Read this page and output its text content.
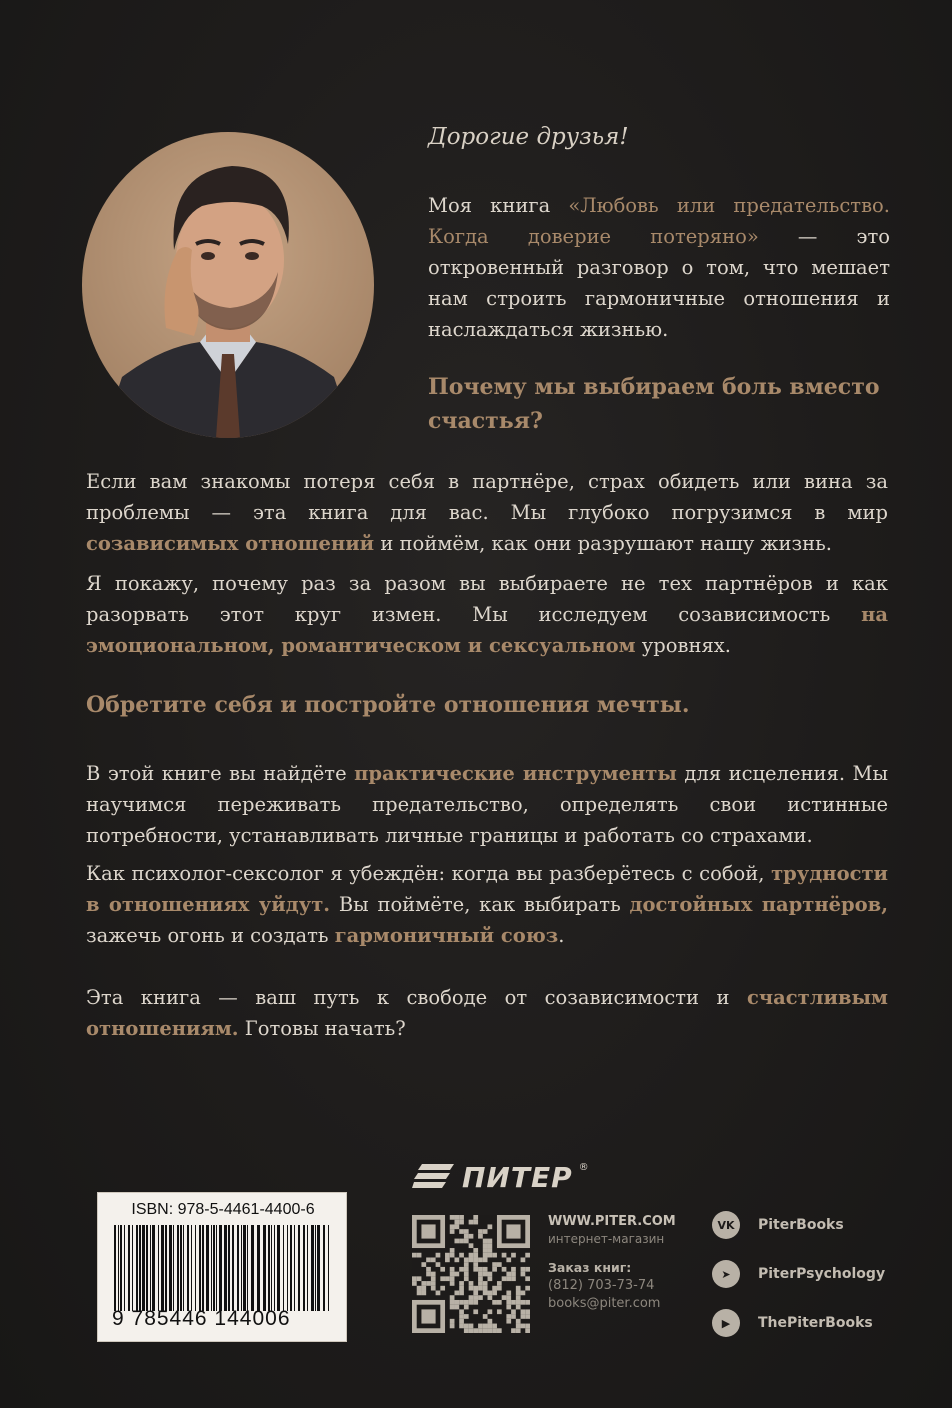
Дорогие друзья!

Моя книга «Любовь или предательство. Когда доверие потеряно» — это откровенный разговор о том, что мешает нам строить гармоничные отношения и наслаждаться жизнью.

Почему мы выбираем боль вместо счастья?

Если вам знакомы потеря себя в партнёре, страх обидеть или вина за проблемы — эта книга для вас. Мы глубоко погрузимся в мир созависимых отношений и поймём, как они разрушают нашу жизнь.

Я покажу, почему раз за разом вы выбираете не тех партнёров и как разорвать этот круг измен. Мы исследуем созависимость на эмоциональном, романтическом и сексуальном уровнях.

Обретите себя и постройте отношения мечты.

В этой книге вы найдёте практические инструменты для исцеления. Мы научимся переживать предательство, определять свои истинные потребности, устанавливать личные границы и работать со страхами.

Как психолог-сексолог я убеждён: когда вы разберётесь с собой, трудности в отношениях уйдут. Вы поймёте, как выбирать достойных партнёров, зажечь огонь и создать гармоничный союз.

Эта книга — ваш путь к свободе от созависимости и счастливым отношениям. Готовы начать?

ПИТЕР ®
ISBN: 978-5-4461-4400-6
9 785446 144006

WWW.PITER.COM

интернет-магазин

Заказ книг:

(812) 703-73-74

books@piter.com

VK	PiterBooks
➤	PiterPsychology
▶	ThePiterBooks
